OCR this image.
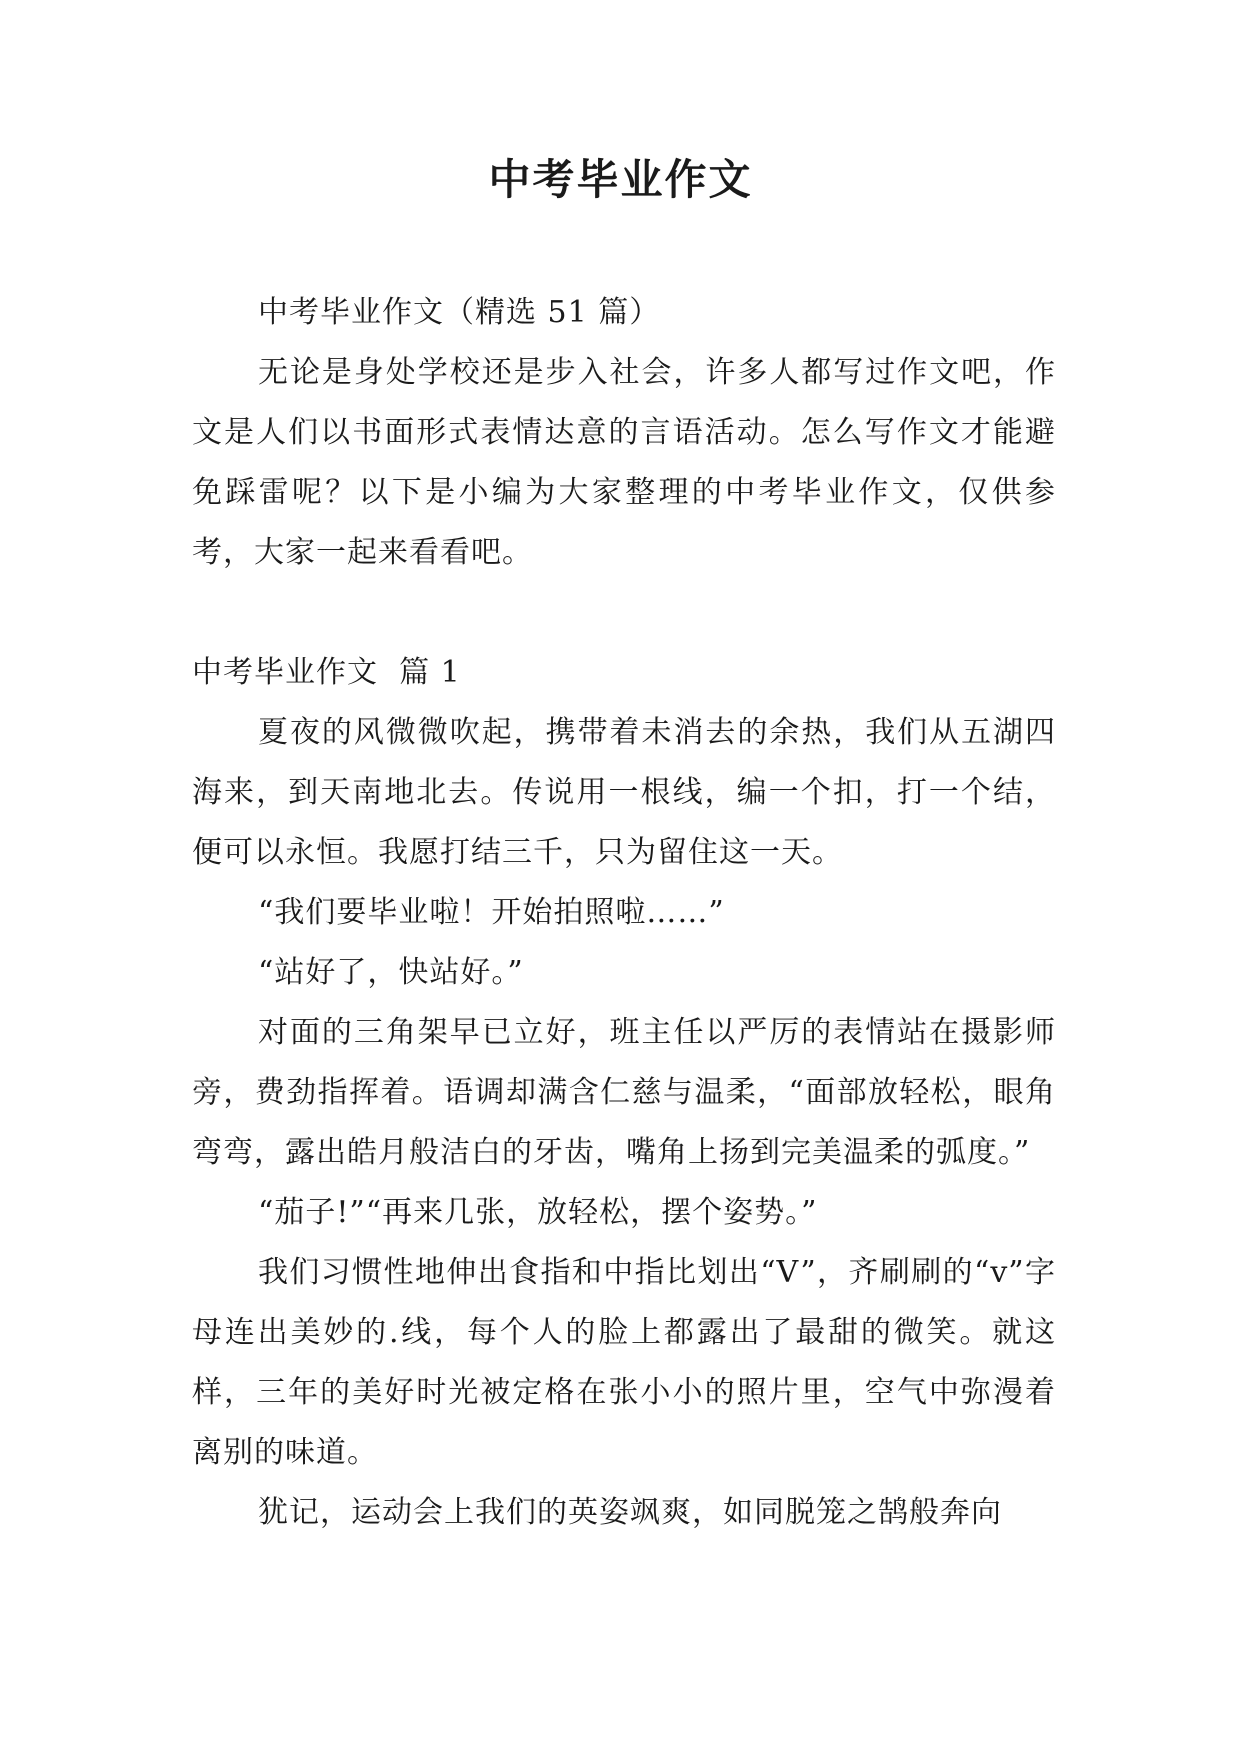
中考毕业作文

中考毕业作文（精选 51 篇）

无论是身处学校还是步入社会，许多人都写过作文吧，作文是人们以书面形式表情达意的言语活动。怎么写作文才能避免踩雷呢？以下是小编为大家整理的中考毕业作文，仅供参考，大家一起来看看吧。

中考毕业作文  篇 1

夏夜的风微微吹起，携带着未消去的余热，我们从五湖四海来，到天南地北去。传说用一根线，编一个扣，打一个结，便可以永恒。我愿打结三千，只为留住这一天。

“我们要毕业啦！开始拍照啦……”

“站好了，快站好。”

对面的三角架早已立好，班主任以严厉的表情站在摄影师旁，费劲指挥着。语调却满含仁慈与温柔，“面部放轻松，眼角弯弯，露出皓月般洁白的牙齿，嘴角上扬到完美温柔的弧度。”

“茄子!”“再来几张，放轻松，摆个姿势。”

我们习惯性地伸出食指和中指比划出“V”，齐刷刷的“v”字母连出美妙的.线，每个人的脸上都露出了最甜的微笑。就这样，三年的美好时光被定格在张小小的照片里，空气中弥漫着离别的味道。

犹记，运动会上我们的英姿飒爽，如同脱笼之鹄般奔向
